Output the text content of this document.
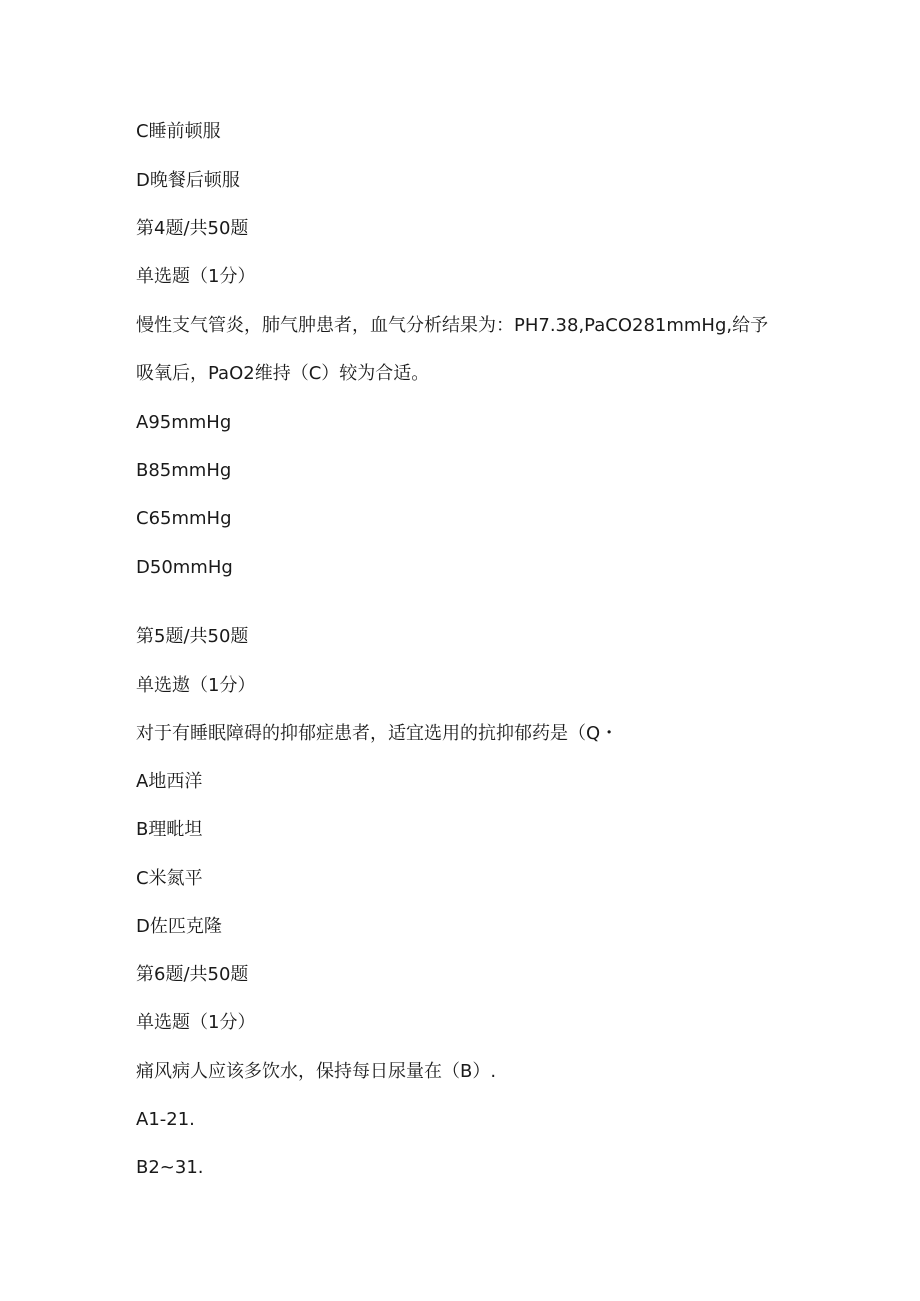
C睡前顿服
D晚餐后顿服
第4题/共50题
单选题（1分）
慢性支气管炎，肺气肿患者，血气分析结果为：PH7.38,PaCO281mmHg,给予
吸氧后，PaO2维持（C）较为合适。
A95mmHg
B85mmHg
C65mmHg
D50mmHg
第5题/共50题
单选遨（1分）
对于有睡眠障碍的抑郁症患者，适宜选用的抗抑郁药是（Q・
A地西洋
B理毗坦
C米氮平
D佐匹克隆
第6题/共50题
单选题（1分）
痛风病人应该多饮水，保持每日尿量在（B）.
A1-21.
B2~31.
